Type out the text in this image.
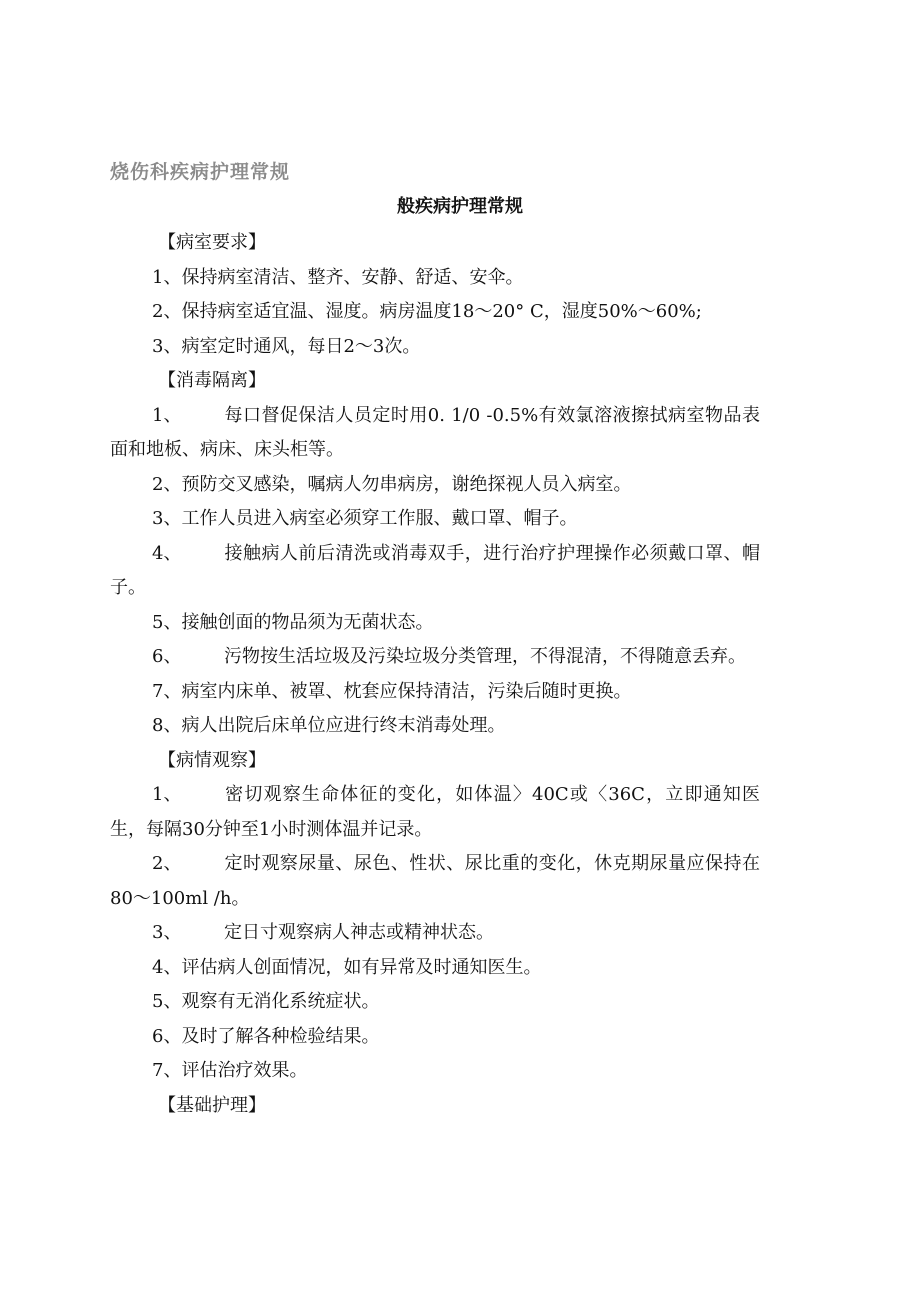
烧伤科疾病护理常规
般疾病护理常规

【病室要求】

1、保持病室清洁、整齐、安静、舒适、安伞。

2、保持病室适宜温、湿度。病房温度18〜20° C，湿度50%〜60%;

3、病室定时通风，每日2〜3次。

【消毒隔离】

1、 每口督促保洁人员定时用0. 1/0 -0.5%有效氯溶液擦拭病室物品表面和地板、病床、床头柜等。

2、预防交叉感染，嘱病人勿串病房，谢绝探视人员入病室。

3、工作人员进入病室必须穿工作服、戴口罩、帽子。

4、 接触病人前后清洗或消毒双手，进行治疗护理操作必须戴口罩、帽子。

5、接触创面的物品须为无菌状态。

6、 污物按生活垃圾及污染垃圾分类管理，不得混清，不得随意丢弃。

7、病室内床单、被罩、枕套应保持清洁，污染后随时更换。

8、病人出院后床单位应进行终末消毒处理。

【病情观察】

1、 密切观察生命体征的变化，如体温〉40C或〈36C，立即通知医生，每隔30分钟至1小时测体温并记录。

2、 定时观察尿量、尿色、性状、尿比重的变化，休克期尿量应保持在80〜100ml /h。

3、 定日寸观察病人神志或精神状态。

4、评估病人创面情况，如有异常及时通知医生。

5、观察有无消化系统症状。

6、及时了解各种检验结果。

7、评估治疗效果。

【基础护理】
